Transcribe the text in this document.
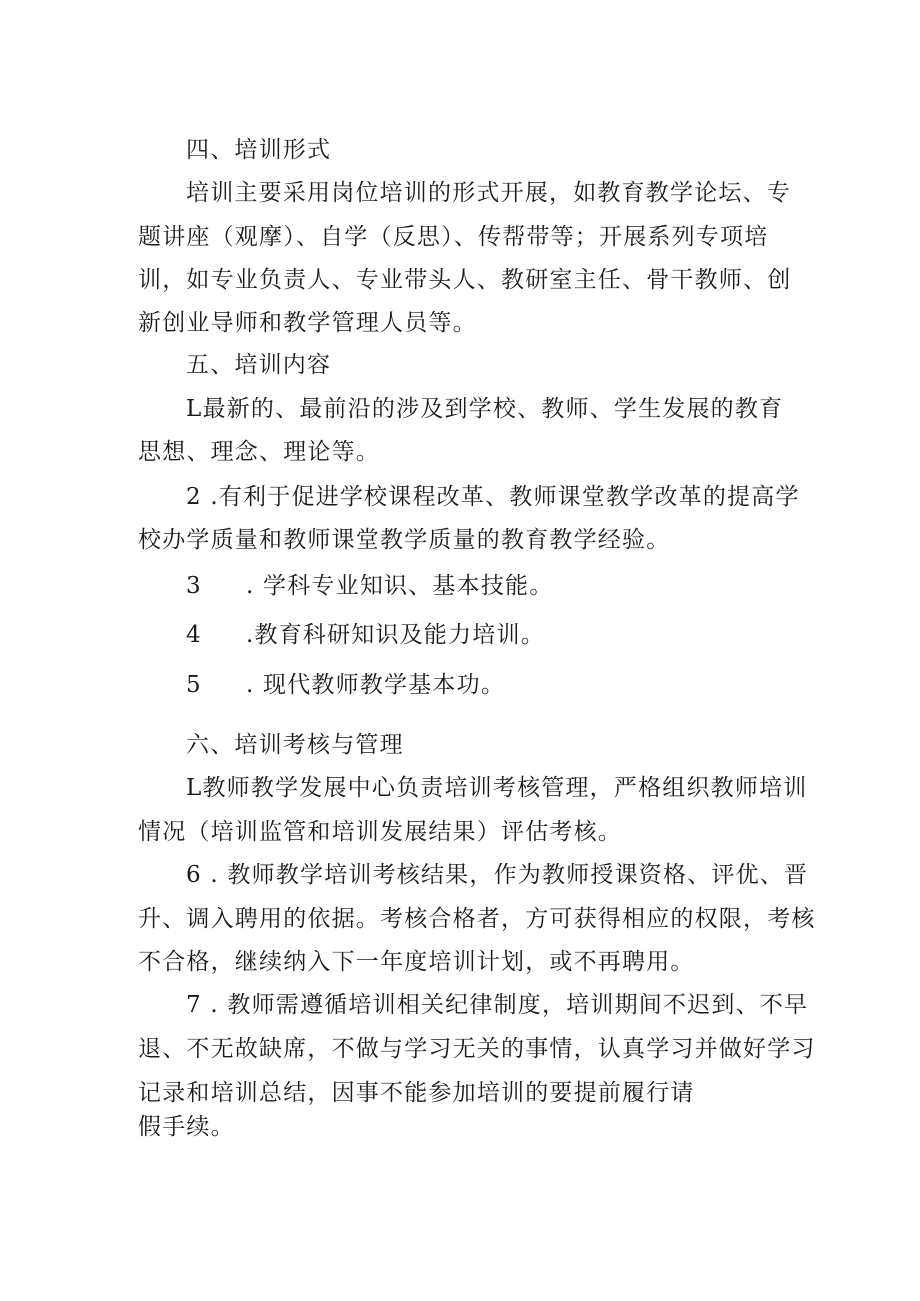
四、培训形式
培训主要采用岗位培训的形式开展，如教育教学论坛、专
题讲座（观摩）、自学（反思）、传帮带等；开展系列专项培
训，如专业负责人、专业带头人、教研室主任、骨干教师、创
新创业导师和教学管理人员等。
五、培训内容
L最新的、最前沿的涉及到学校、教师、学生发展的教育
思想、理念、理论等。
2 .有利于促进学校课程改革、教师课堂教学改革的提高学
校办学质量和教师课堂教学质量的教育教学经验。
3 . 学科专业知识、基本技能。
4 .教育科研知识及能力培训。
5 . 现代教师教学基本功。
六、培训考核与管理
L教师教学发展中心负责培训考核管理，严格组织教师培训
情况（培训监管和培训发展结果）评估考核。
6 . 教师教学培训考核结果，作为教师授课资格、评优、晋
升、调入聘用的依据。考核合格者，方可获得相应的权限，考核
不合格，继续纳入下一年度培训计划，或不再聘用。
7 . 教师需遵循培训相关纪律制度，培训期间不迟到、不早
退、不无故缺席，不做与学习无关的事情，认真学习并做好学习
记录和培训总结，因事不能参加培训的要提前履行请
假手续。
